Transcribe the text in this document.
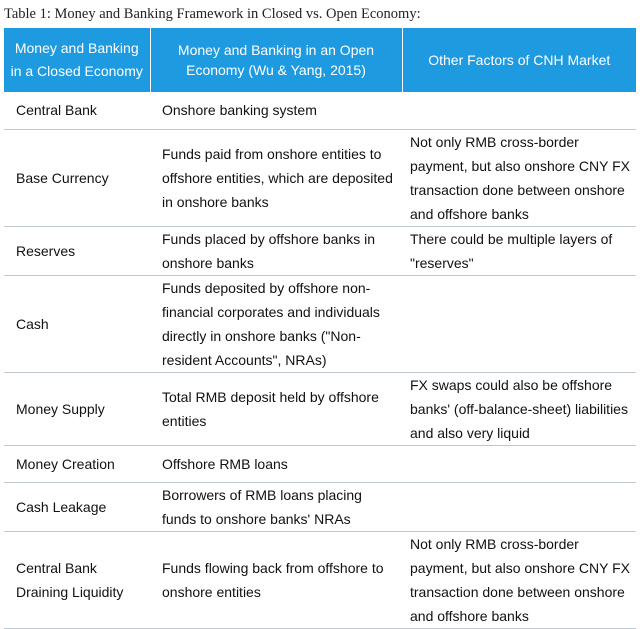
Table 1: Money and Banking Framework in Closed vs. Open Economy:
Money and Banking in a Closed Economy	Money and Banking in an Open Economy (Wu & Yang, 2015)	Other Factors of CNH Market
Central Bank	Onshore banking system	
Base Currency	Funds paid from onshore entities to offshore entities, which are deposited in onshore banks	Not only RMB cross-border payment, but also onshore CNY FX transaction done between onshore and offshore banks
Reserves	Funds placed by offshore banks in onshore banks	There could be multiple layers of "reserves"
Cash	Funds deposited by offshore non-financial corporates and individuals directly in onshore banks ("Non-resident Accounts", NRAs)	
Money Supply	Total RMB deposit held by offshore entities	FX swaps could also be offshore banks' (off-balance-sheet) liabilities and also very liquid
Money Creation	Offshore RMB loans	
Cash Leakage	Borrowers of RMB loans placing funds to onshore banks' NRAs	
Central Bank Draining Liquidity	Funds flowing back from offshore to onshore entities	Not only RMB cross-border payment, but also onshore CNY FX transaction done between onshore and offshore banks
